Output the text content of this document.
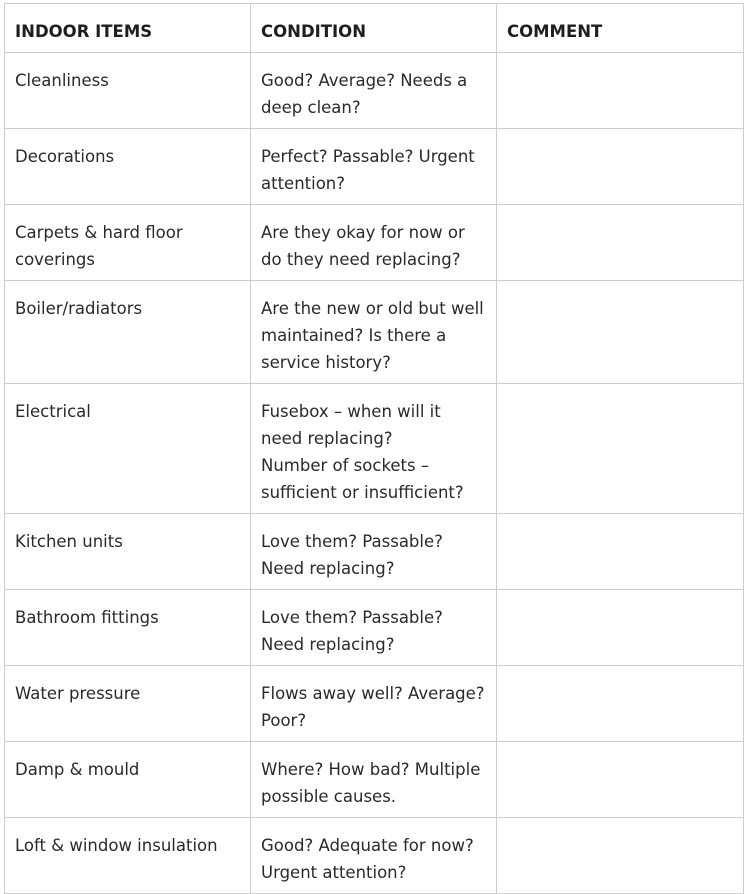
INDOOR ITEMS	CONDITION	COMMENT
Cleanliness	Good? Average? Needs a deep clean?	

Decorations	Perfect? Passable? Urgent attention?	

Carpets & hard floor coverings	Are they okay for now or do they need replacing?	

Boiler/radiators	Are the new or old but well maintained? Is there a service history?	

Electrical	Fusebox – when will it need replacing?
Number of sockets – sufficient or insufficient?	

Kitchen units	Love them? Passable? Need replacing?	

Bathroom fittings	Love them? Passable? Need replacing?	

Water pressure	Flows away well? Average? Poor?	

Damp & mould	Where? How bad? Multiple possible causes.	

Loft & window insulation	Good? Adequate for now? Urgent attention?	
